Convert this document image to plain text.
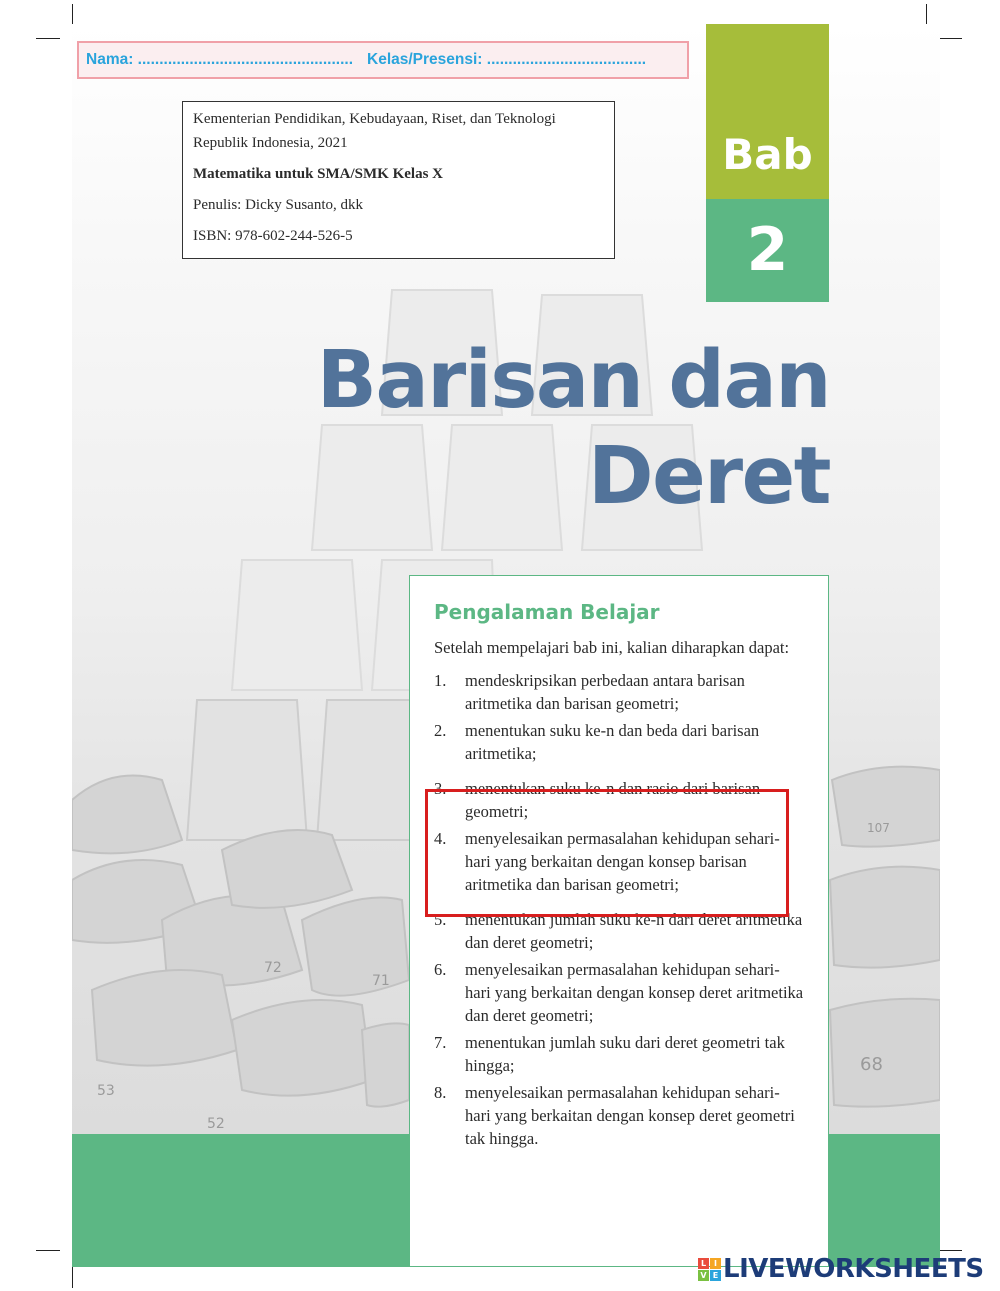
72
71
53
52
68
107
Nama: .................................................. Kelas/Presensi: .....................................

Kementerian Pendidikan, Kebudayaan, Riset, dan Teknologi

Republik Indonesia, 2021

Matematika untuk SMA/SMK Kelas X

Penulis: Dicky Susanto, dkk

ISBN: 978-602-244-526-5

Bab
2
Barisan dan
Deret
Pengalaman Belajar

Setelah mempelajari bab ini, kalian diharapkan dapat:

1. mendeskripsikan perbedaan antara barisan aritmetika dan barisan geometri;
2. menentukan suku ke-n dan beda dari barisan aritmetika;
3. menentukan suku ke-n dan rasio dari barisan geometri;
4. menyelesaikan permasalahan kehidupan sehari-hari yang berkaitan dengan konsep barisan aritmetika dan barisan geometri;
5. menentukan jumlah suku ke-n dari deret aritmetika dan deret geometri;
6. menyelesaikan permasalahan kehidupan sehari-hari yang berkaitan dengan konsep deret aritmetika dan deret geometri;
7. menentukan jumlah suku dari deret geometri tak hingga;
8. menyelesaikan permasalahan kehidupan sehari-hari yang berkaitan dengan konsep deret geometri tak hingga.
L I
V E LIVEWORKSHEETS
